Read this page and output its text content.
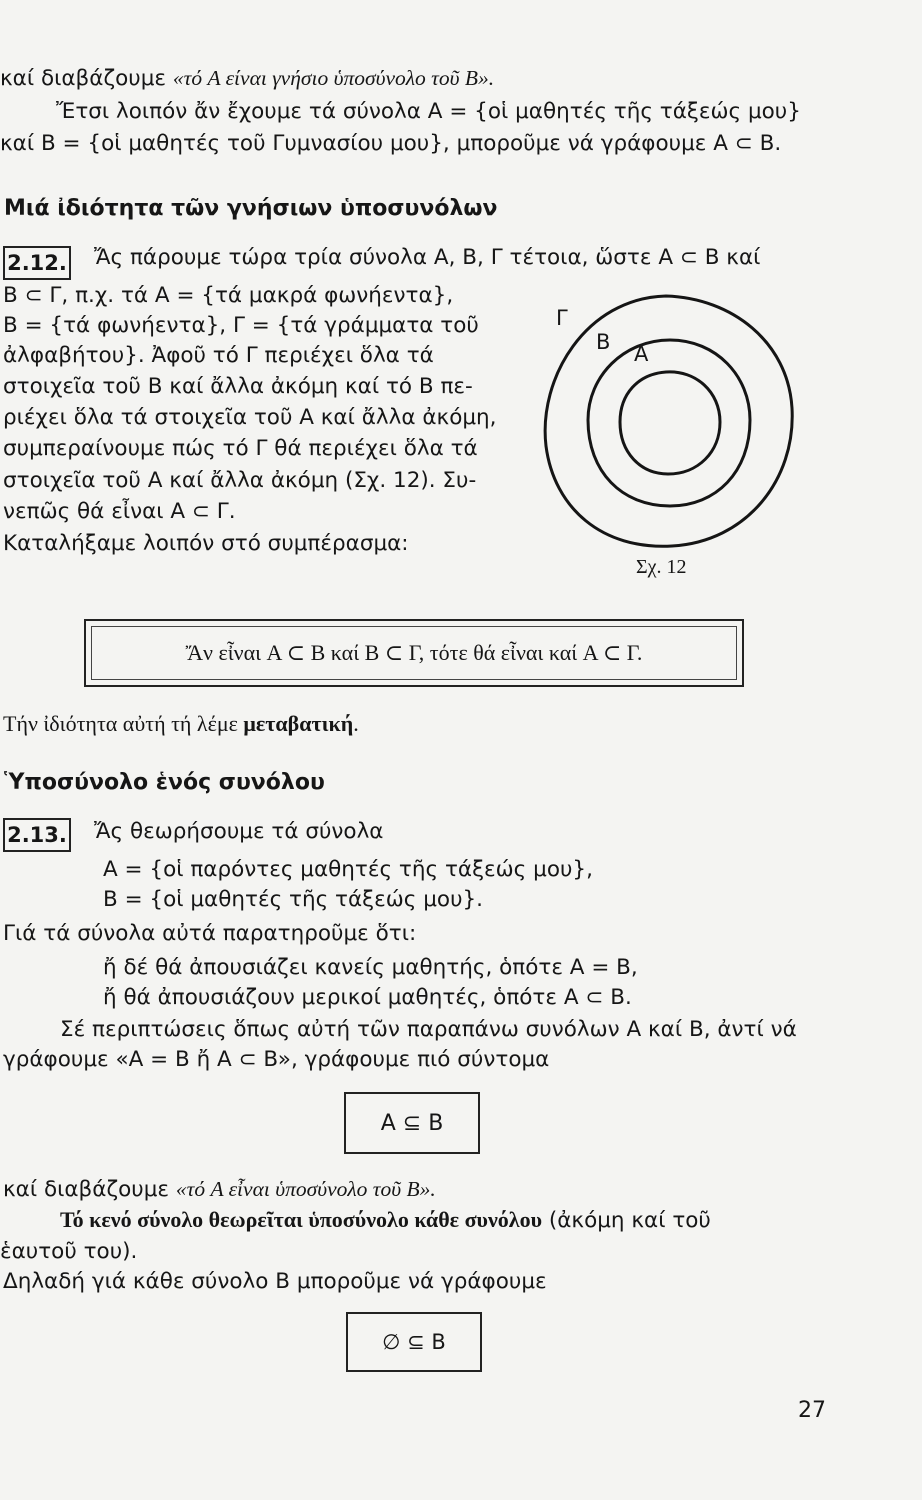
καί διαβάζουμε «τό A είναι γνήσιο ὑποσύνολο τοῦ B».
Ἔτσι λοιπόν ἄν ἔχουμε τά σύνολα A = {οἱ μαθητές τῆς τάξεώς μου}
καί B = {οἱ μαθητές τοῦ Γυμνασίου μου}, μποροῦμε νά γράφουμε A ⊂ B.
Μιά ἰδιότητα τῶν γνήσιων ὑποσυνόλων
2.12. Ἄς πάρουμε τώρα τρία σύνολα A, B, Γ τέτοια, ὥστε A ⊂ B καί
B ⊂ Γ, π.χ. τά A = {τά μακρά φωνήεντα},
B = {τά φωνήεντα}, Γ = {τά γράμματα τοῦ
ἀλφαβήτου}. Ἀφοῦ τό Γ περιέχει ὅλα τά
στοιχεῖα τοῦ B καί ἄλλα ἀκόμη καί τό B πε-
ριέχει ὅλα τά στοιχεῖα τοῦ A καί ἄλλα ἀκόμη,
συμπεραίνουμε πώς τό Γ θά περιέχει ὅλα τά
στοιχεῖα τοῦ A καί ἄλλα ἀκόμη (Σχ. 12). Συ-
νεπῶς θά εἶναι A ⊂ Γ.
Καταλήξαμε λοιπόν στό συμπέρασμα:
Γ
B A
Σχ. 12
Ἄν εἶναι A ⊂ B καί B ⊂ Γ, τότε θά εἶναι καί A ⊂ Γ.
Τήν ἰδιότητα αὐτή τή λέμε μεταβατική.
Ὑποσύνολο ἑνός συνόλου
2.13. Ἄς θεωρήσουμε τά σύνολα
A = {οἱ παρόντες μαθητές τῆς τάξεώς μου},
B = {οἱ μαθητές τῆς τάξεώς μου}.
Γιά τά σύνολα αὐτά παρατηροῦμε ὅτι:
ἤ δέ θά ἀπουσιάζει κανείς μαθητής, ὁπότε A = B,
ἤ θά ἀπουσιάζουν μερικοί μαθητές, ὁπότε A ⊂ B.
Σέ περιπτώσεις ὅπως αὐτή τῶν παραπάνω συνόλων A καί B, ἀντί νά
γράφουμε «A = B ἤ A ⊂ B», γράφουμε πιό σύντομα
A ⊆ B
καί διαβάζουμε «τό A εἶναι ὑποσύνολο τοῦ B».
Τό κενό σύνολο θεωρεῖται ὑποσύνολο κάθε συνόλου (ἀκόμη καί τοῦ
ἑαυτοῦ του).
Δηλαδή γιά κάθε σύνολο B μποροῦμε νά γράφουμε
∅ ⊆ B
27
